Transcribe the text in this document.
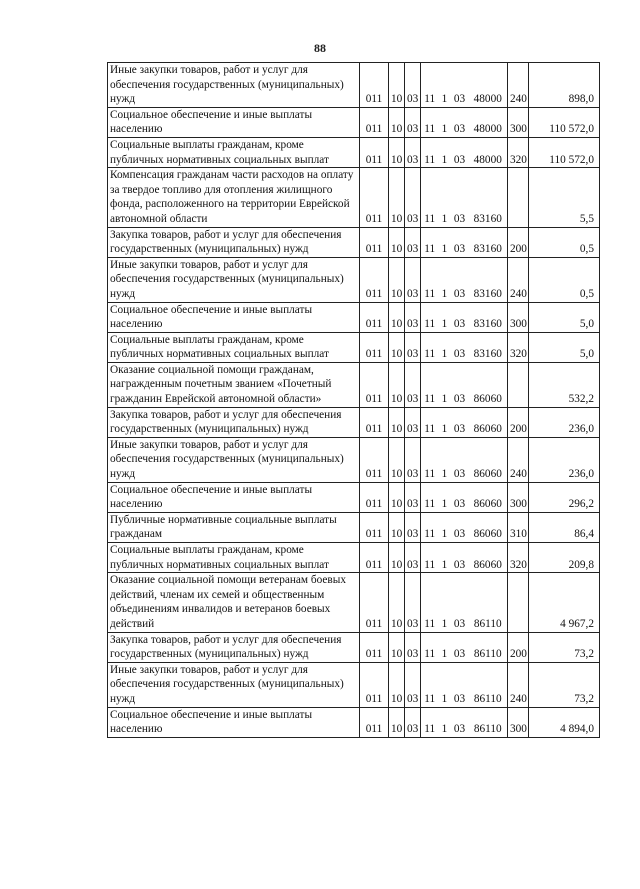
88
Иные закупки товаров, работ и услуг для обеспечения государственных (муниципальных) нужд	011	10	03	11	1	03	48000	240	898,0
Социальное обеспечение и иные выплаты населению	011	10	03	11	1	03	48000	300	110 572,0
Социальные выплаты гражданам, кроме публичных нормативных социальных выплат	011	10	03	11	1	03	48000	320	110 572,0
Компенсация гражданам части расходов на оплату за твердое топливо для отопления жилищного фонда, расположенного на территории Еврейской автономной области	011	10	03	11	1	03	83160		5,5
Закупка товаров, работ и услуг для обеспечения государственных (муниципальных) нужд	011	10	03	11	1	03	83160	200	0,5
Иные закупки товаров, работ и услуг для обеспечения государственных (муниципальных) нужд	011	10	03	11	1	03	83160	240	0,5
Социальное обеспечение и иные выплаты населению	011	10	03	11	1	03	83160	300	5,0
Социальные выплаты гражданам, кроме публичных нормативных социальных выплат	011	10	03	11	1	03	83160	320	5,0
Оказание социальной помощи гражданам, награжденным почетным званием «Почетный гражданин Еврейской автономной области»	011	10	03	11	1	03	86060		532,2
Закупка товаров, работ и услуг для обеспечения государственных (муниципальных) нужд	011	10	03	11	1	03	86060	200	236,0
Иные закупки товаров, работ и услуг для обеспечения государственных (муниципальных) нужд	011	10	03	11	1	03	86060	240	236,0
Социальное обеспечение и иные выплаты населению	011	10	03	11	1	03	86060	300	296,2
Публичные нормативные социальные выплаты гражданам	011	10	03	11	1	03	86060	310	86,4
Социальные выплаты гражданам, кроме публичных нормативных социальных выплат	011	10	03	11	1	03	86060	320	209,8
Оказание социальной помощи ветеранам боевых действий, членам их семей и общественным объединениям инвалидов и ветеранов боевых действий	011	10	03	11	1	03	86110		4 967,2
Закупка товаров, работ и услуг для обеспечения государственных (муниципальных) нужд	011	10	03	11	1	03	86110	200	73,2
Иные закупки товаров, работ и услуг для обеспечения государственных (муниципальных) нужд	011	10	03	11	1	03	86110	240	73,2
Социальное обеспечение и иные выплаты населению	011	10	03	11	1	03	86110	300	4 894,0
